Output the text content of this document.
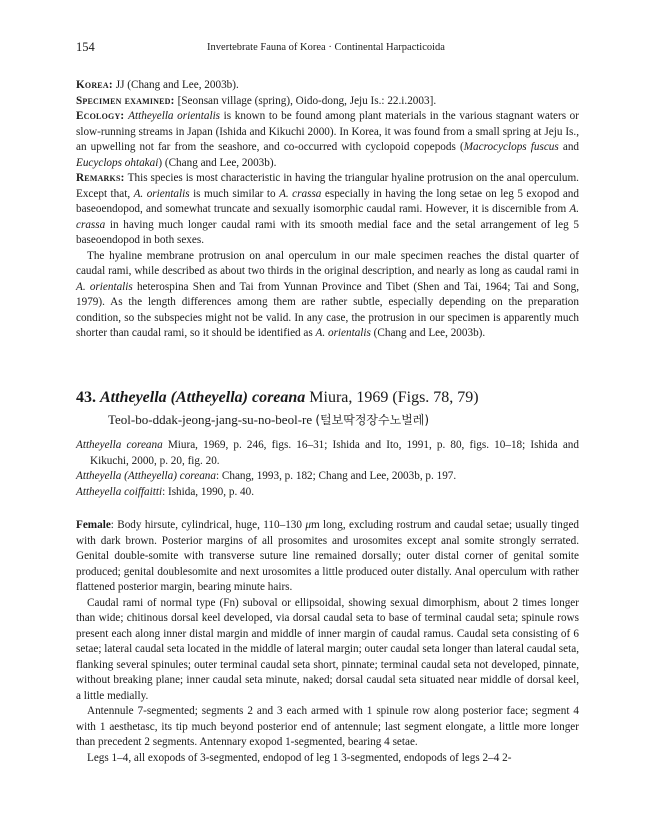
154	Invertebrate Fauna of Korea · Continental Harpacticoida

Korea: JJ (Chang and Lee, 2003b).

Specimen examined: [Seonsan village (spring), Oido-dong, Jeju Is.: 22.i.2003].

Ecology: Attheyella orientalis is known to be found among plant materials in the various stagnant waters or slow-running streams in Japan (Ishida and Kikuchi 2000). In Korea, it was found from a small spring at Jeju Is., an upwelling not far from the seashore, and co-occurred with cyclopoid copepods (Macrocyclops fuscus and Eucyclops ohtakai) (Chang and Lee, 2003b).

Remarks: This species is most characteristic in having the triangular hyaline protrusion on the anal operculum. Except that, A. orientalis is much similar to A. crassa especially in having the long setae on leg 5 exopod and baseoendopod, and somewhat truncate and sexually isomorphic caudal rami. However, it is discernible from A. crassa in having much longer caudal rami with its smooth medial face and the setal arrangement of leg 5 baseoendopod in both sexes.

The hyaline membrane protrusion on anal operculum in our male specimen reaches the distal quarter of caudal rami, while described as about two thirds in the original description, and nearly as long as caudal rami in A. orientalis heterospina Shen and Tai from Yunnan Province and Tibet (Shen and Tai, 1964; Tai and Song, 1979). As the length differences among them are rather subtle, especially depending on the preparation condition, so the subspecies might not be valid. In any case, the protrusion in our specimen is apparently much shorter than caudal rami, so it should be identified as A. orientalis (Chang and Lee, 2003b).

43. Attheyella (Attheyella) coreana Miura, 1969 (Figs. 78, 79)
Teol-bo-ddak-jeong-jang-su-no-beol-re (털보딱정장수노벌레)

Attheyella coreana Miura, 1969, p. 246, figs. 16–31; Ishida and Ito, 1991, p. 80, figs. 10–18; Ishida and Kikuchi, 2000, p. 20, fig. 20.

Attheyella (Attheyella) coreana: Chang, 1993, p. 182; Chang and Lee, 2003b, p. 197.

Attheyella coiffaitti: Ishida, 1990, p. 40.

Female: Body hirsute, cylindrical, huge, 110–130 μm long, excluding rostrum and caudal setae; usually tinged with dark brown. Posterior margins of all prosomites and urosomites except anal somite strongly serrated. Genital double-somite with transverse suture line remained dorsally; outer distal corner of genital somite produced; genital doublesomite and next urosomites a little produced outer distally. Anal operculum with rather flattened posterior margin, bearing minute hairs.

Caudal rami of normal type (Fn) suboval or ellipsoidal, showing sexual dimorphism, about 2 times longer than wide; chitinous dorsal keel developed, via dorsal caudal seta to base of terminal caudal seta; spinule rows present each along inner distal margin and middle of inner margin of caudal ramus. Caudal seta consisting of 6 setae; lateral caudal seta located in the middle of lateral margin; outer caudal seta longer than lateral caudal seta, flanking several spinules; outer terminal caudal seta short, pinnate; terminal caudal seta not developed, pinnate, without breaking plane; inner caudal seta minute, naked; dorsal caudal seta situated near middle of dorsal keel, a little medially.

Antennule 7-segmented; segments 2 and 3 each armed with 1 spinule row along posterior face; segment 4 with 1 aesthetasc, its tip much beyond posterior end of antennule; last segment elongate, a little more longer than precedent 2 segments. Antennary exopod 1-segmented, bearing 4 setae.

Legs 1–4, all exopods of 3-segmented, endopod of leg 1 3-segmented, endopods of legs 2–4 2-
